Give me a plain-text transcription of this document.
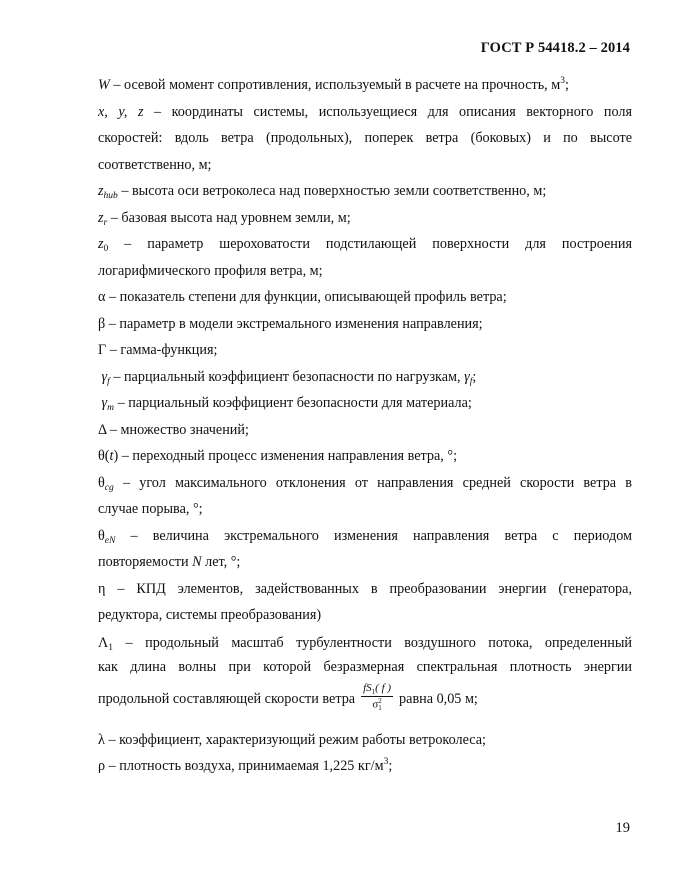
ГОСТ Р 54418.2 – 2014

W – осевой момент сопротивления, используемый в расчете на прочность, $м^3$;

x, y, z – координаты системы, используещиеся для описания векторного поля

скоростей: вдоль ветра (продольных), поперек ветра (боковых) и по высоте

соответственно, м;

$z_{hub}$ – высота оси ветроколеса над поверхностью земли соответственно, м;

$z_r$ – базовая высота над уровнем земли, м;

$z_0$ – параметр шероховатости подстилающей поверхности для построения

логарифмического профиля ветра, м;

α – показатель степени для функции, описывающей профиль ветра;

β – параметр в модели экстремального изменения направления;

Γ – гамма-функция;

$\gamma_f$ – парциальный коэффициент безопасности по нагрузкам, $\gamma_f$;

$\gamma_m$ – парциальный коэффициент безопасности для материала;

Δ – множество значений;

θ(t) – переходный процесс изменения направления ветра, °;

$\theta_{cg}$ – угол максимального отклонения от направления средней скорости ветра в

случае порыва, °;

$\theta_{eN}$ – величина экстремального изменения направления ветра с периодом

повторяемости N лет, °;

η – КПД элементов, задействованных в преобразовании энергии (генератора,

редуктора, системы преобразования)

$\Lambda_1$ – продольный масштаб турбулентности воздушного потока, определенный

как длина волны при которой безразмерная спектральная плотность энергии

продольной составляющей скорости ветра $fS_1$( f )
σ 2
1 равна 0,05 м;

λ – коэффициент, характеризующий режим работы ветроколеса;

ρ – плотность воздуха, принимаемая 1,225 $кг/м^3$;

19
